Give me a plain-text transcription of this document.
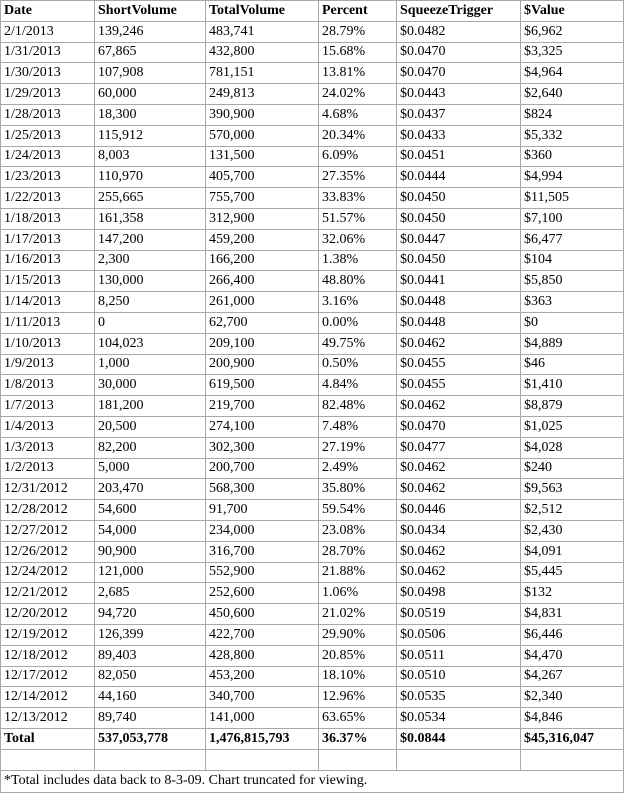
Date	ShortVolume	TotalVolume	Percent	SqueezeTrigger	$Value
2/1/2013	139,246	483,741	28.79%	$0.0482	$6,962
1/31/2013	67,865	432,800	15.68%	$0.0470	$3,325
1/30/2013	107,908	781,151	13.81%	$0.0470	$4,964
1/29/2013	60,000	249,813	24.02%	$0.0443	$2,640
1/28/2013	18,300	390,900	4.68%	$0.0437	$824
1/25/2013	115,912	570,000	20.34%	$0.0433	$5,332
1/24/2013	8,003	131,500	6.09%	$0.0451	$360
1/23/2013	110,970	405,700	27.35%	$0.0444	$4,994
1/22/2013	255,665	755,700	33.83%	$0.0450	$11,505
1/18/2013	161,358	312,900	51.57%	$0.0450	$7,100
1/17/2013	147,200	459,200	32.06%	$0.0447	$6,477
1/16/2013	2,300	166,200	1.38%	$0.0450	$104
1/15/2013	130,000	266,400	48.80%	$0.0441	$5,850
1/14/2013	8,250	261,000	3.16%	$0.0448	$363
1/11/2013	0	62,700	0.00%	$0.0448	$0
1/10/2013	104,023	209,100	49.75%	$0.0462	$4,889
1/9/2013	1,000	200,900	0.50%	$0.0455	$46
1/8/2013	30,000	619,500	4.84%	$0.0455	$1,410
1/7/2013	181,200	219,700	82.48%	$0.0462	$8,879
1/4/2013	20,500	274,100	7.48%	$0.0470	$1,025
1/3/2013	82,200	302,300	27.19%	$0.0477	$4,028
1/2/2013	5,000	200,700	2.49%	$0.0462	$240
12/31/2012	203,470	568,300	35.80%	$0.0462	$9,563
12/28/2012	54,600	91,700	59.54%	$0.0446	$2,512
12/27/2012	54,000	234,000	23.08%	$0.0434	$2,430
12/26/2012	90,900	316,700	28.70%	$0.0462	$4,091
12/24/2012	121,000	552,900	21.88%	$0.0462	$5,445
12/21/2012	2,685	252,600	1.06%	$0.0498	$132
12/20/2012	94,720	450,600	21.02%	$0.0519	$4,831
12/19/2012	126,399	422,700	29.90%	$0.0506	$6,446
12/18/2012	89,403	428,800	20.85%	$0.0511	$4,470
12/17/2012	82,050	453,200	18.10%	$0.0510	$4,267
12/14/2012	44,160	340,700	12.96%	$0.0535	$2,340
12/13/2012	89,740	141,000	63.65%	$0.0534	$4,846
Total	537,053,778	1,476,815,793	36.37%	$0.0844	$45,316,047

*Total includes data back to 8-3-09. Chart truncated for viewing.					
